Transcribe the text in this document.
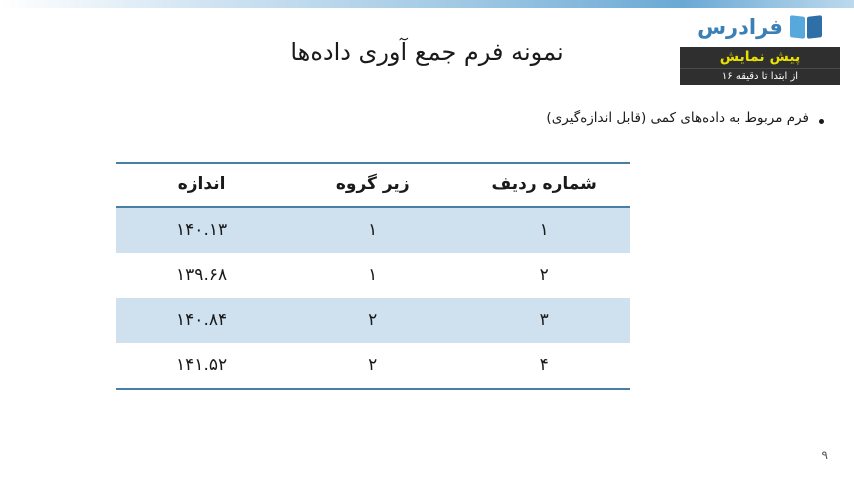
فرادرس
پیش نمایش
از ابتدا تا دقیقه ۱۶
نمونه فرم جمع آوری داده‌ها
فرم مربوط به داده‌های کمی (قابل اندازه‌گیری)
شماره ردیف	زیر گروه	اندازه
۱	۱	۱۴۰.۱۳
۲	۱	۱۳۹.۶۸
۳	۲	۱۴۰.۸۴
۴	۲	۱۴۱.۵۲
۹
